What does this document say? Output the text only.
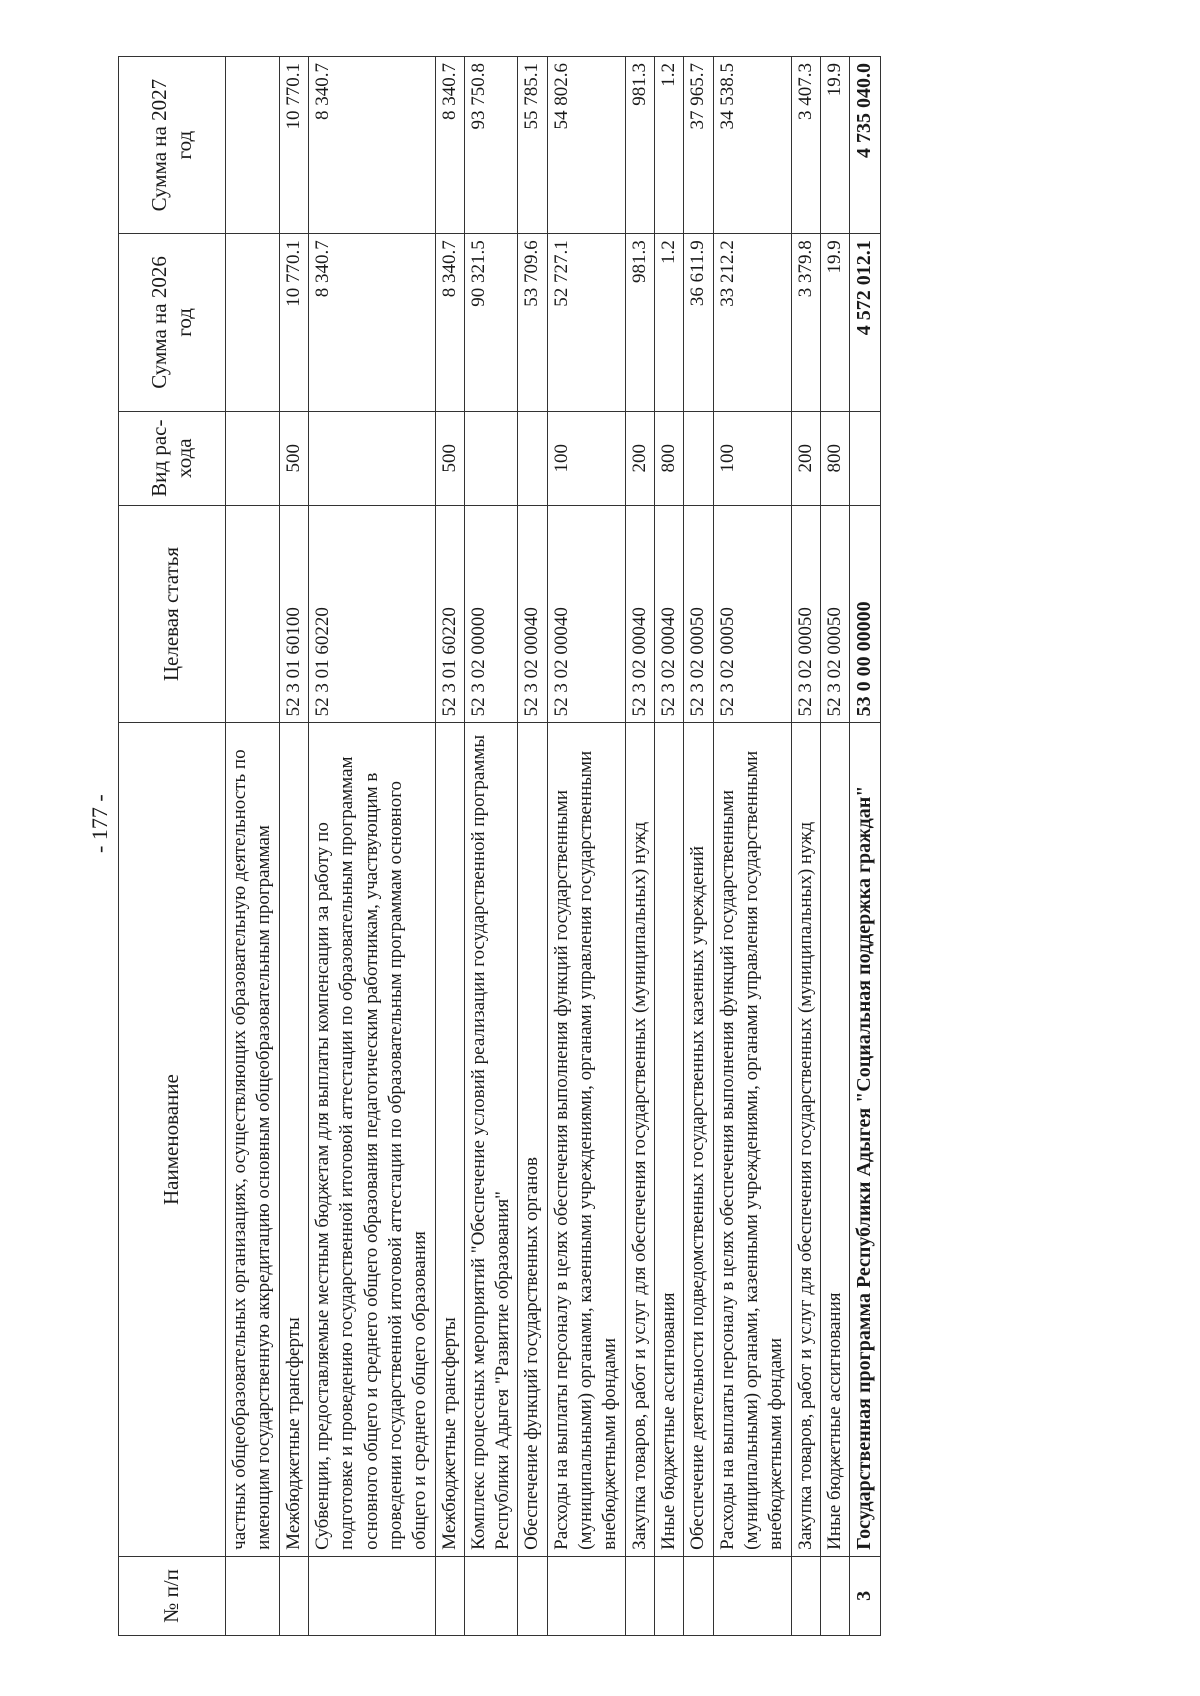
- 177 -
№ п/п	Наименование	Целевая статья	Вид рас-хода	Сумма на 2026 год	Сумма на 2027 год
	частных общеобразовательных организациях, осуществляющих образовательную деятельность по имеющим государственную аккредитацию основным общеобразовательным программам				
	Межбюджетные трансферты	52 3 01 60100	500	10 770.1	10 770.1
	Субвенции, предоставляемые местным бюджетам для выплаты компенсации за работу по подготовке и проведению государственной итоговой аттестации по образовательным программам основного общего и среднего общего образования педагогическим работникам, участвующим в проведении государственной итоговой аттестации по образовательным программам основного общего и среднего общего образования	52 3 01 60220		8 340.7	8 340.7
	Межбюджетные трансферты	52 3 01 60220	500	8 340.7	8 340.7
	Комплекс процессных мероприятий "Обеспечение условий реализации государственной программы Республики Адыгея "Развитие образования"	52 3 02 00000		90 321.5	93 750.8
	Обеспечение функций государственных органов	52 3 02 00040		53 709.6	55 785.1
	Расходы на выплаты персоналу в целях обеспечения выполнения функций государственными (муниципальными) органами, казенными учреждениями, органами управления государственными внебюджетными фондами	52 3 02 00040	100	52 727.1	54 802.6
	Закупка товаров, работ и услуг для обеспечения государственных (муниципальных) нужд	52 3 02 00040	200	981.3	981.3
	Иные бюджетные ассигнования	52 3 02 00040	800	1.2	1.2
	Обеспечение деятельности подведомственных государственных казенных учреждений	52 3 02 00050		36 611.9	37 965.7
	Расходы на выплаты персоналу в целях обеспечения выполнения функций государственными (муниципальными) органами, казенными учреждениями, органами управления государственными внебюджетными фондами	52 3 02 00050	100	33 212.2	34 538.5
	Закупка товаров, работ и услуг для обеспечения государственных (муниципальных) нужд	52 3 02 00050	200	3 379.8	3 407.3
	Иные бюджетные ассигнования	52 3 02 00050	800	19.9	19.9
3	Государственная программа Республики Адыгея "Социальная поддержка граждан"	53 0 00 00000		4 572 012.1	4 735 040.0
